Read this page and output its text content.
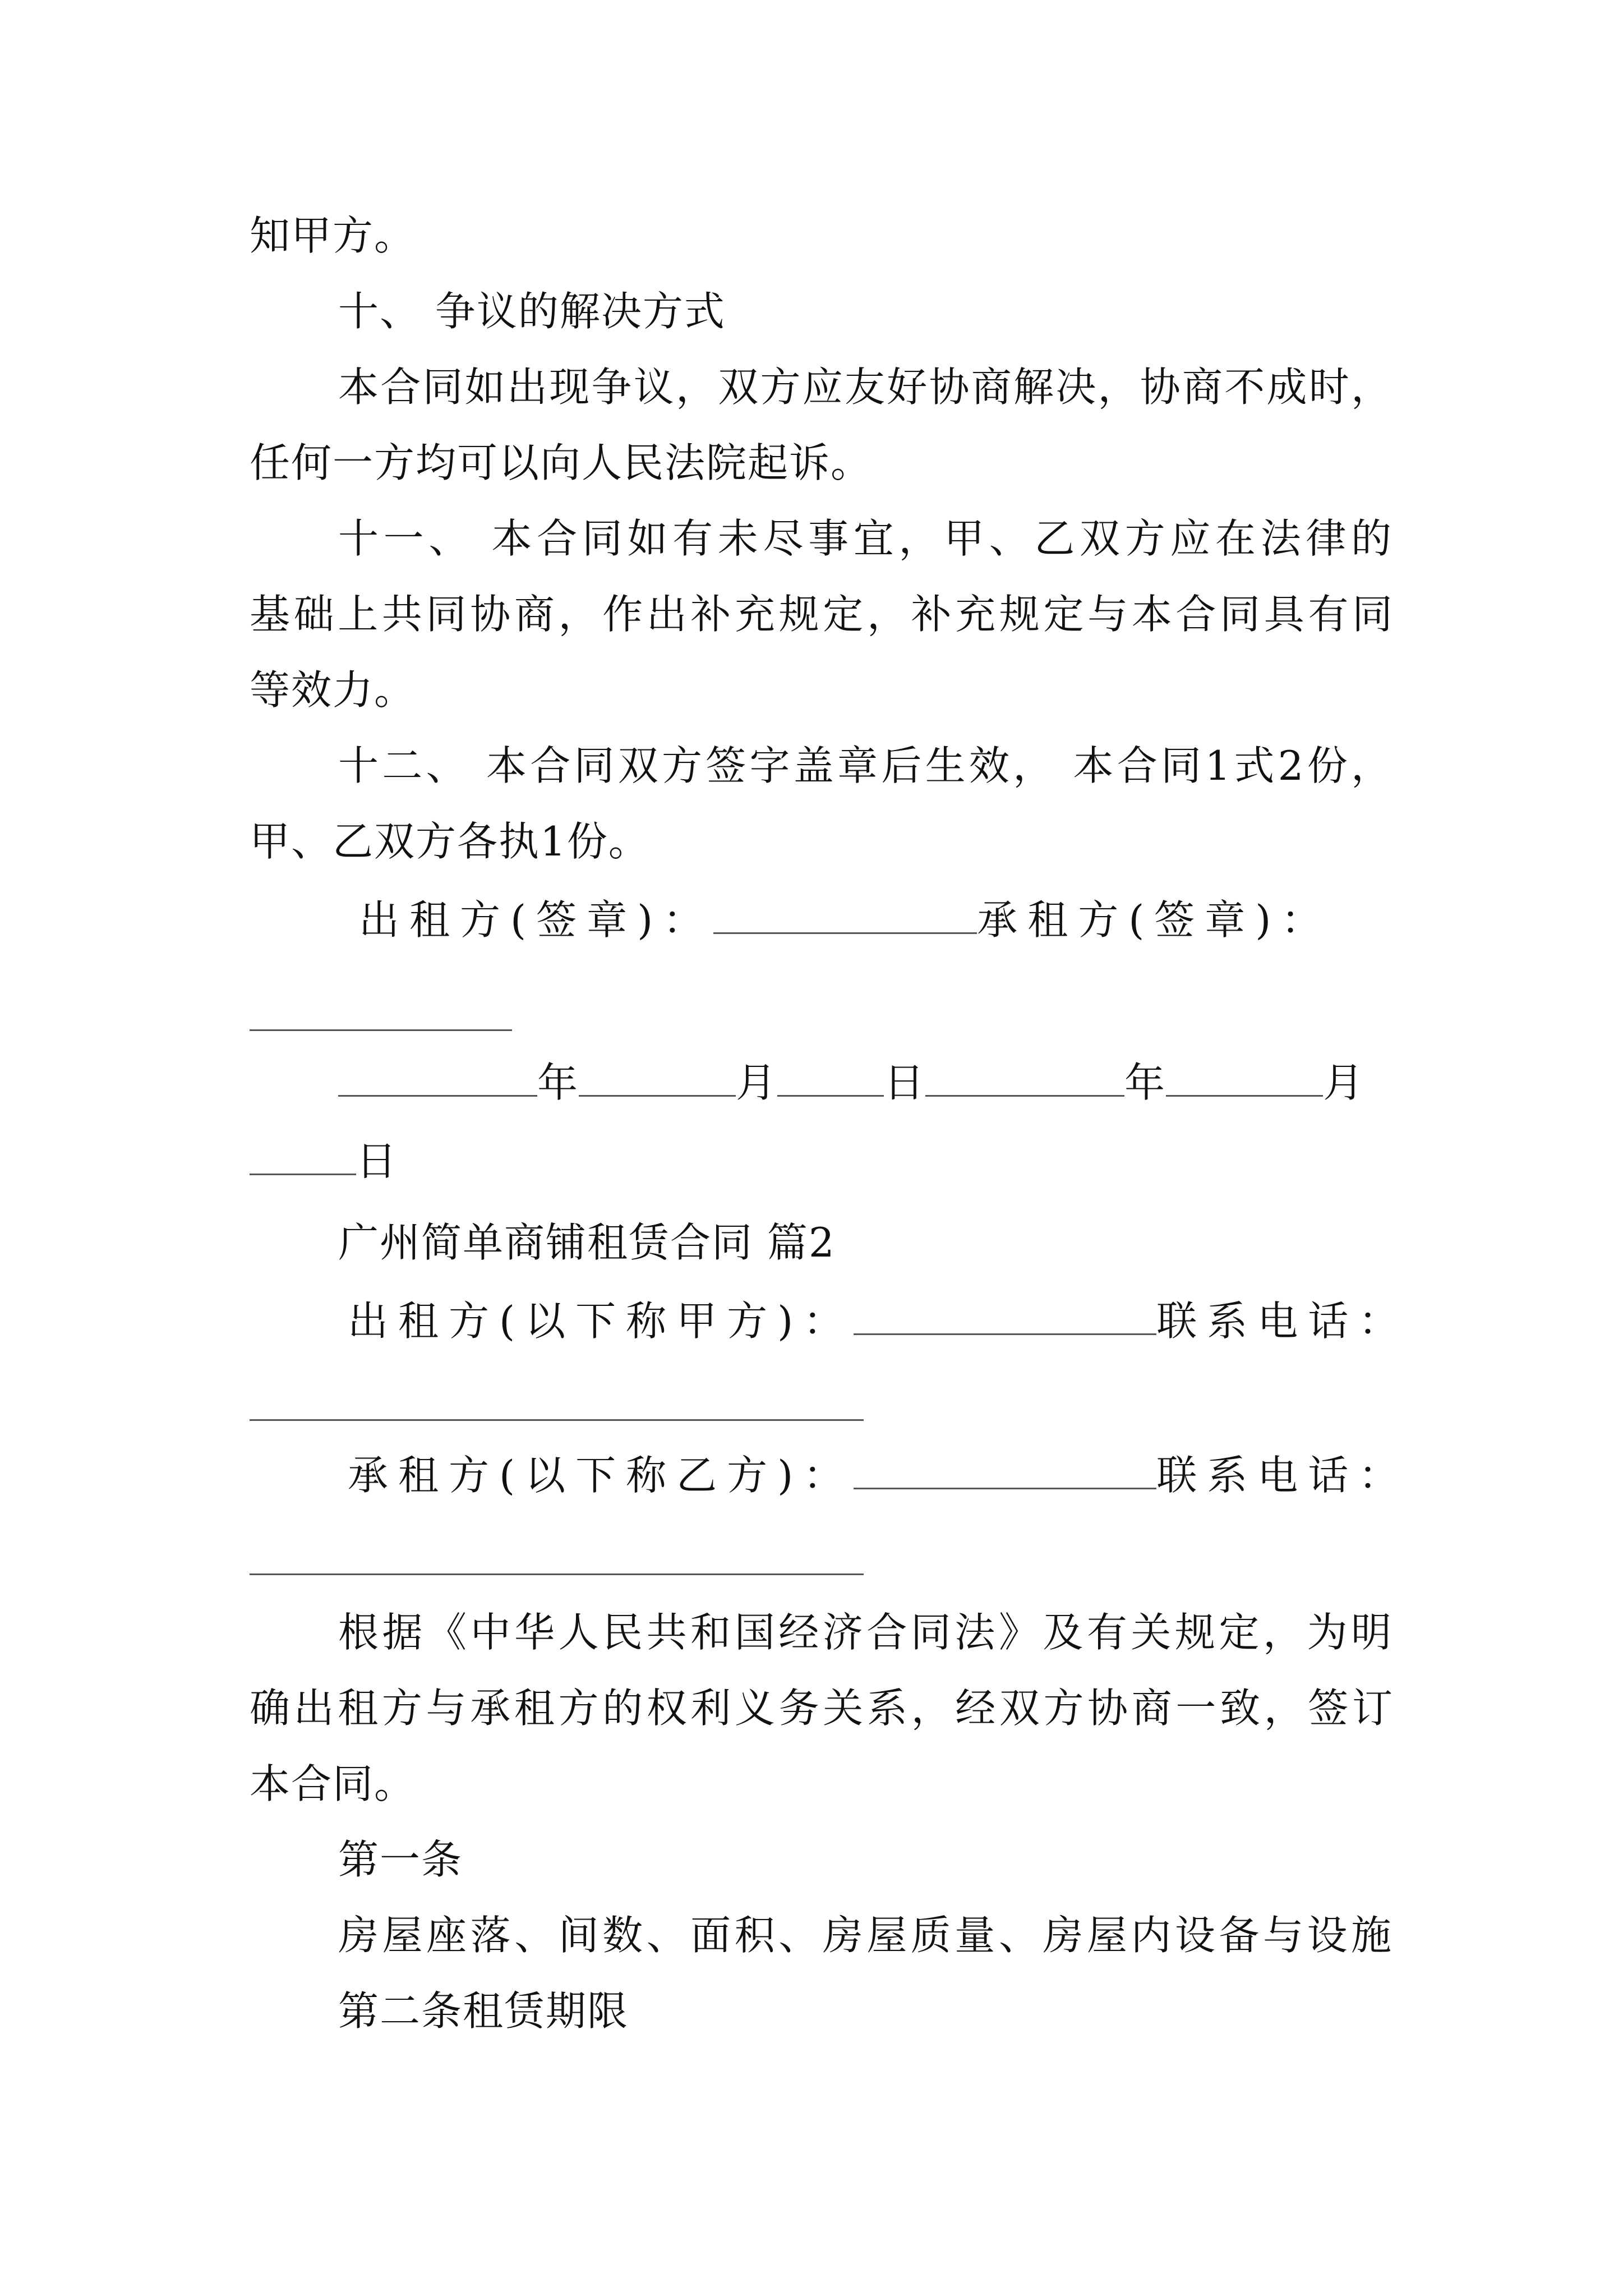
知甲方。
十、 争议的解决方式
本合同如出现争议，双方应友好协商解决，协商不成时，
任何一方均可以向人民法院起诉。
十一、 本合同如有未尽事宜，甲、乙双方应在法律的
基础上共同协商，作出补充规定，补充规定与本合同具有同
等效力。
十二、 本合同双方签字盖章后生效， 本合同1式2份，
甲、乙双方各执1份。
出租方(签章)：	承租方(签章)：
年	月	日	年	月
日
广州简单商铺租赁合同 篇2
出租方(以下称甲方)：	联系电话：
承租方(以下称乙方)：	联系电话：
根据《中华人民共和国经济合同法》及有关规定，为明
确出租方与承租方的权利义务关系，经双方协商一致，签订
本合同。
第一条
房屋座落、间数、面积、房屋质量、房屋内设备与设施
第二条租赁期限
